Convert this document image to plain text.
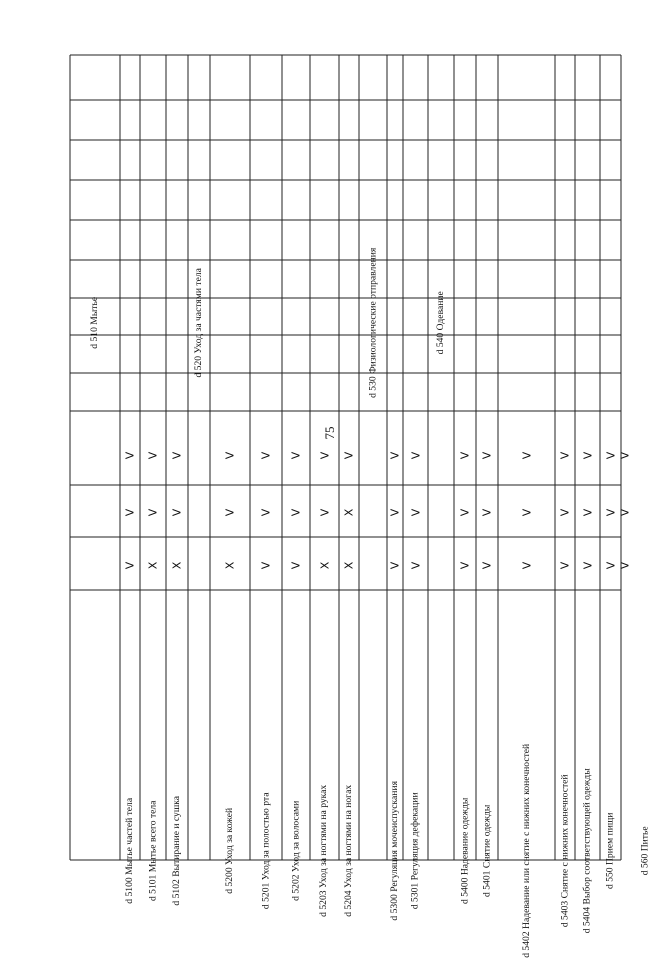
75
d 510 Мытье
d 5100 Мытье частей тела
V
V
V
d 5101 Мытье всего тела
X
V
V
d 5102 Вытирание и сушка
X
V
V
d 520 Уход за частями тела
d 5200 Уход за кожей
X
V
V
d 5201 Уход за полостью рта
V
V
V
d 5202 Уход за волосами
V
V
V
d 5203 Уход за ногтями на руках
X
V
V
d 5204 Уход за ногтями на ногах
X
X
V
d 530 Физиологические отправления
d 5300 Регуляция мочеиспускания
V
V
V
d 5301 Регуляция дефекации
V
V
V
d 540 Одевание
d 5400 Надевание одежды
V
V
V
d 5401 Снятие одежды
V
V
V
d 5402 Надевание или снятие с нижних конечностей
V
V
V
d 5403 Снятие с нижних конечностей
V
V
V
d 5404 Выбор соответствующей одежды
V
V
V
d 550 Прием пищи
V
V
V
d 560 Питье
V
V
V
